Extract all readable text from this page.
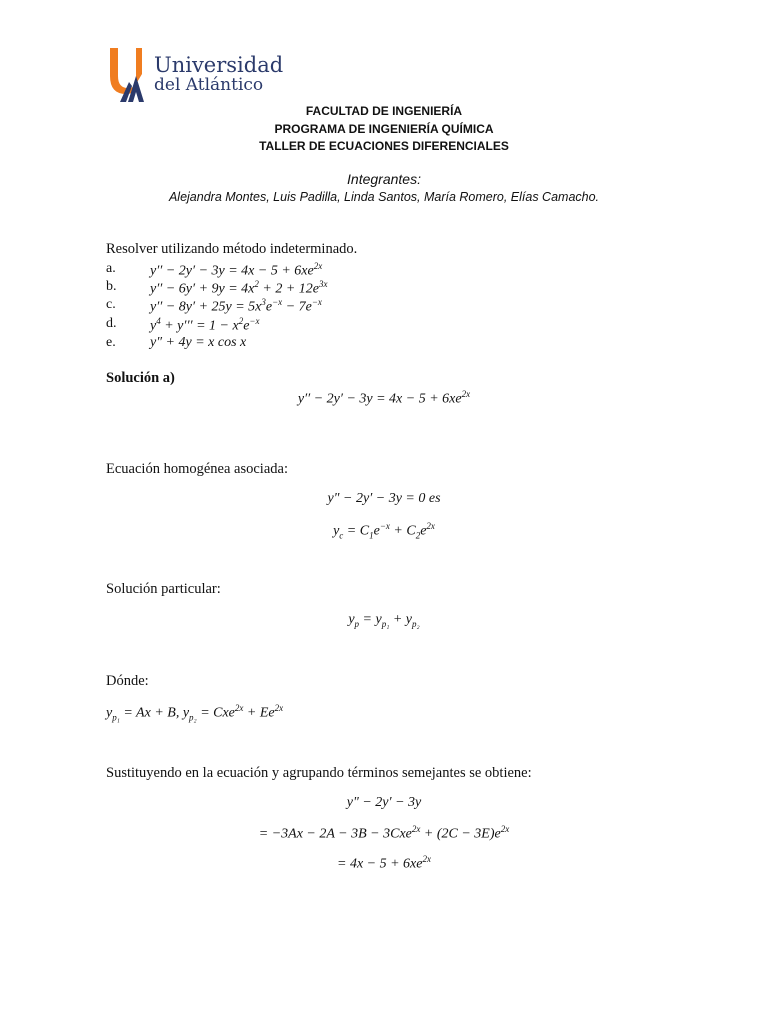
Universidad
del Atlántico
FACULTAD DE INGENIERÍA
PROGRAMA DE INGENIERÍA QUÍMICA
TALLER DE ECUACIONES DIFERENCIALES
Integrantes:
Alejandra Montes, Luis Padilla, Linda Santos, María Romero, Elías Camacho.
Resolver utilizando método indeterminado.
a. $y'' - 2y' - 3y = 4x - 5 + 6xe^{2x}$
b. $y'' - 6y' + 9y = 4x^2 + 2 + 12e^{3x}$
c. $y'' - 8y' + 25y = 5x^3e^{-x} - 7e^{-x}$
d. $y^4 + y''' = 1 - x^2e^{-x}$
e. y″ + 4y = x cos x
Solución a)
$y'' - 2y' - 3y = 4x - 5 + 6xe^{2x}$
Ecuación homogénea asociada:
y" − 2y′ − 3y = 0 es
$y_c = C_1e^{-x} + C_2e^{2x}$
Solución particular:
$y_p = y_{p_1} + y_{p_2}$
Dónde:
$y_{p_1} = Ax + B$, $y_{p_2} = Cxe^{2x} + Ee^{2x}$
Sustituyendo en la ecuación y agrupando términos semejantes se obtiene:
y" − 2y′ − 3y
= $-3Ax - 2A - 3B - 3Cxe^{2x} + (2C - 3E)e^{2x}$
= $4x - 5 + 6xe^{2x}$
